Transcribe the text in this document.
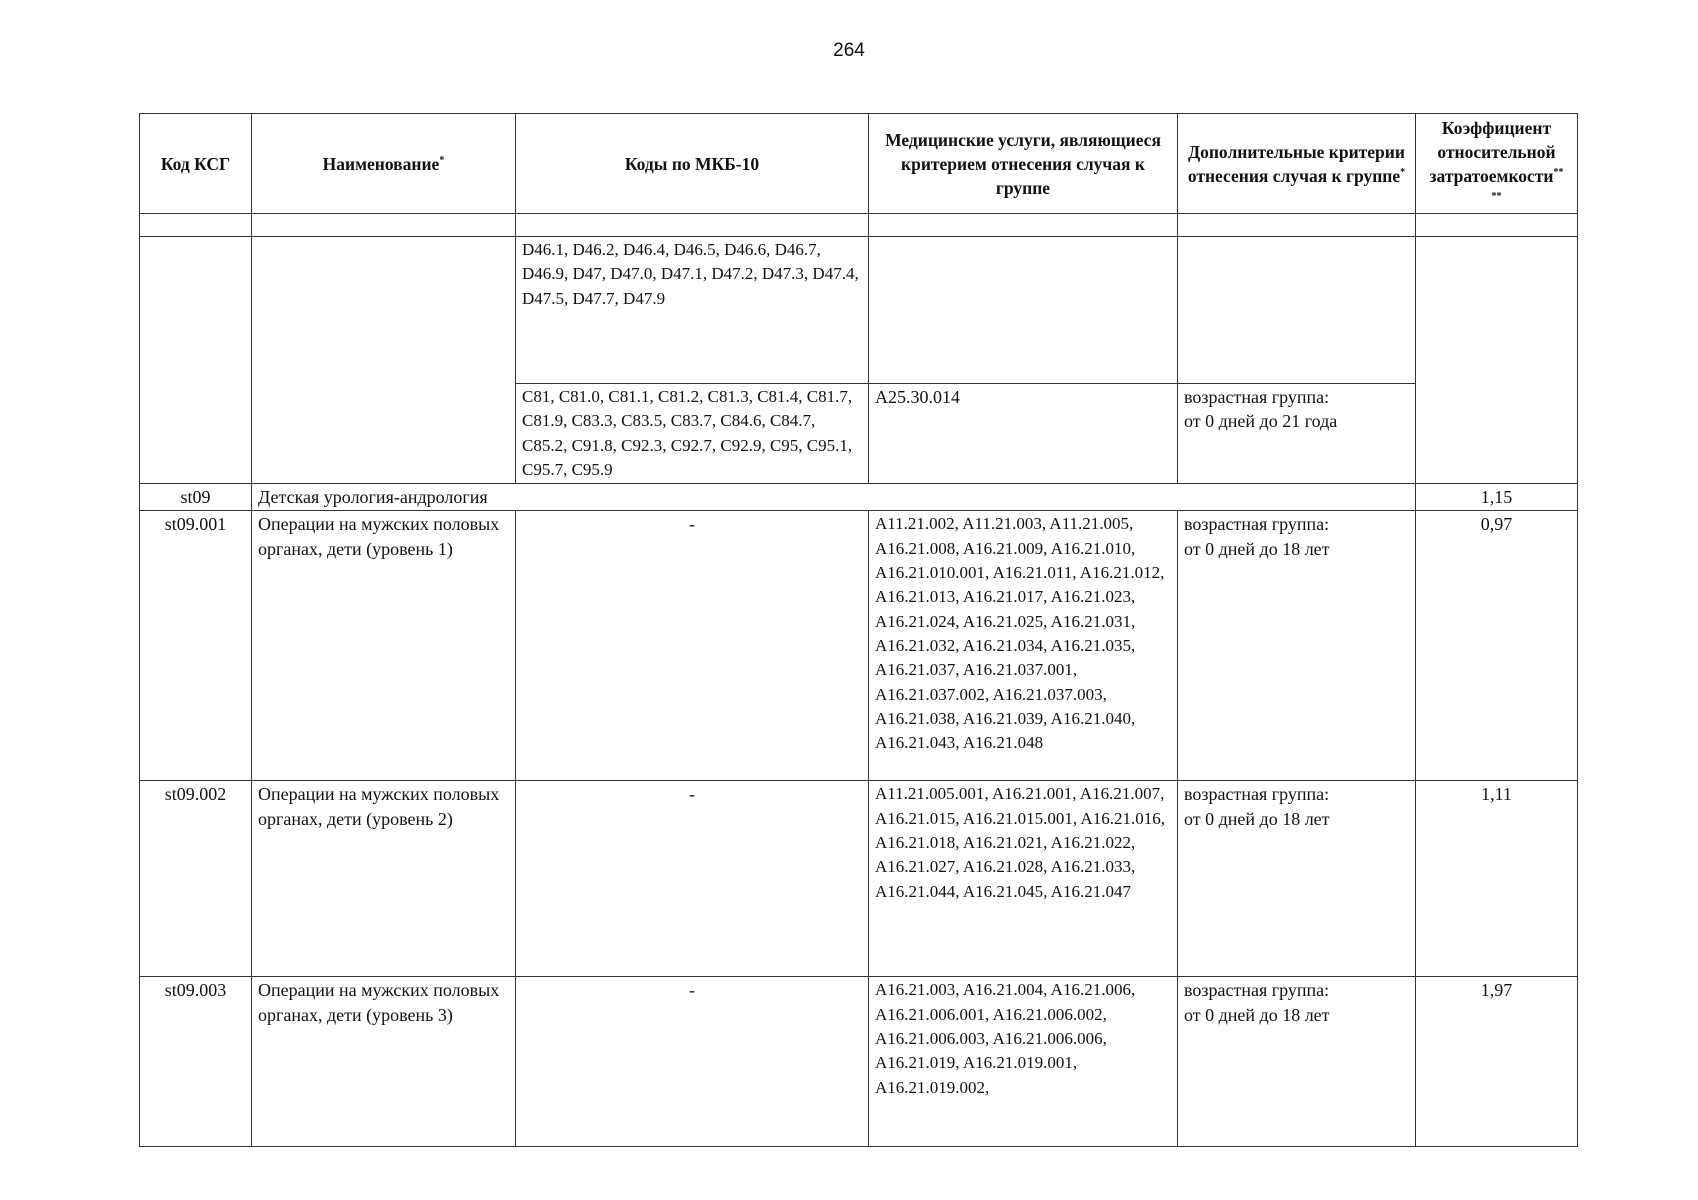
264
Код КСГ	Наименование*	Коды по МКБ-10	Медицинские услуги, являющиеся критерием отнесения случая к группе	Дополнительные критерии отнесения случая к группе*	Коэффициент относительной затратоемкости**
**

		D46.1, D46.2, D46.4, D46.5, D46.6, D46.7, D46.9, D47, D47.0, D47.1, D47.2, D47.3, D47.4, D47.5, D47.7, D47.9			
		C81, C81.0, C81.1, C81.2, C81.3, C81.4, C81.7, C81.9, C83.3, C83.5, C83.7, C84.6, C84.7, C85.2, C91.8, C92.3, C92.7, C92.9, C95, C95.1, C95.7, C95.9	A25.30.014	возрастная группа:
от 0 дней до 21 года	
st09	Детская урология-андрология				1,15
st09.001	Операции на мужских половых органах, дети (уровень 1)	-	A11.21.002, A11.21.003, A11.21.005, A16.21.008, A16.21.009, A16.21.010, A16.21.010.001, A16.21.011, A16.21.012, A16.21.013, A16.21.017, A16.21.023, A16.21.024, A16.21.025, A16.21.031, A16.21.032, A16.21.034, A16.21.035, A16.21.037, A16.21.037.001, A16.21.037.002, A16.21.037.003, A16.21.038, A16.21.039, A16.21.040, A16.21.043, A16.21.048	возрастная группа:
от 0 дней до 18 лет	0,97
st09.002	Операции на мужских половых органах, дети (уровень 2)	-	A11.21.005.001, A16.21.001, A16.21.007, A16.21.015, A16.21.015.001, A16.21.016, A16.21.018, A16.21.021, A16.21.022, A16.21.027, A16.21.028, A16.21.033, A16.21.044, A16.21.045, A16.21.047	возрастная группа:
от 0 дней до 18 лет	1,11
st09.003	Операции на мужских половых органах, дети (уровень 3)	-	A16.21.003, A16.21.004, A16.21.006, A16.21.006.001, A16.21.006.002, A16.21.006.003, A16.21.006.006, A16.21.019, A16.21.019.001, A16.21.019.002,	возрастная группа:
от 0 дней до 18 лет	1,97
